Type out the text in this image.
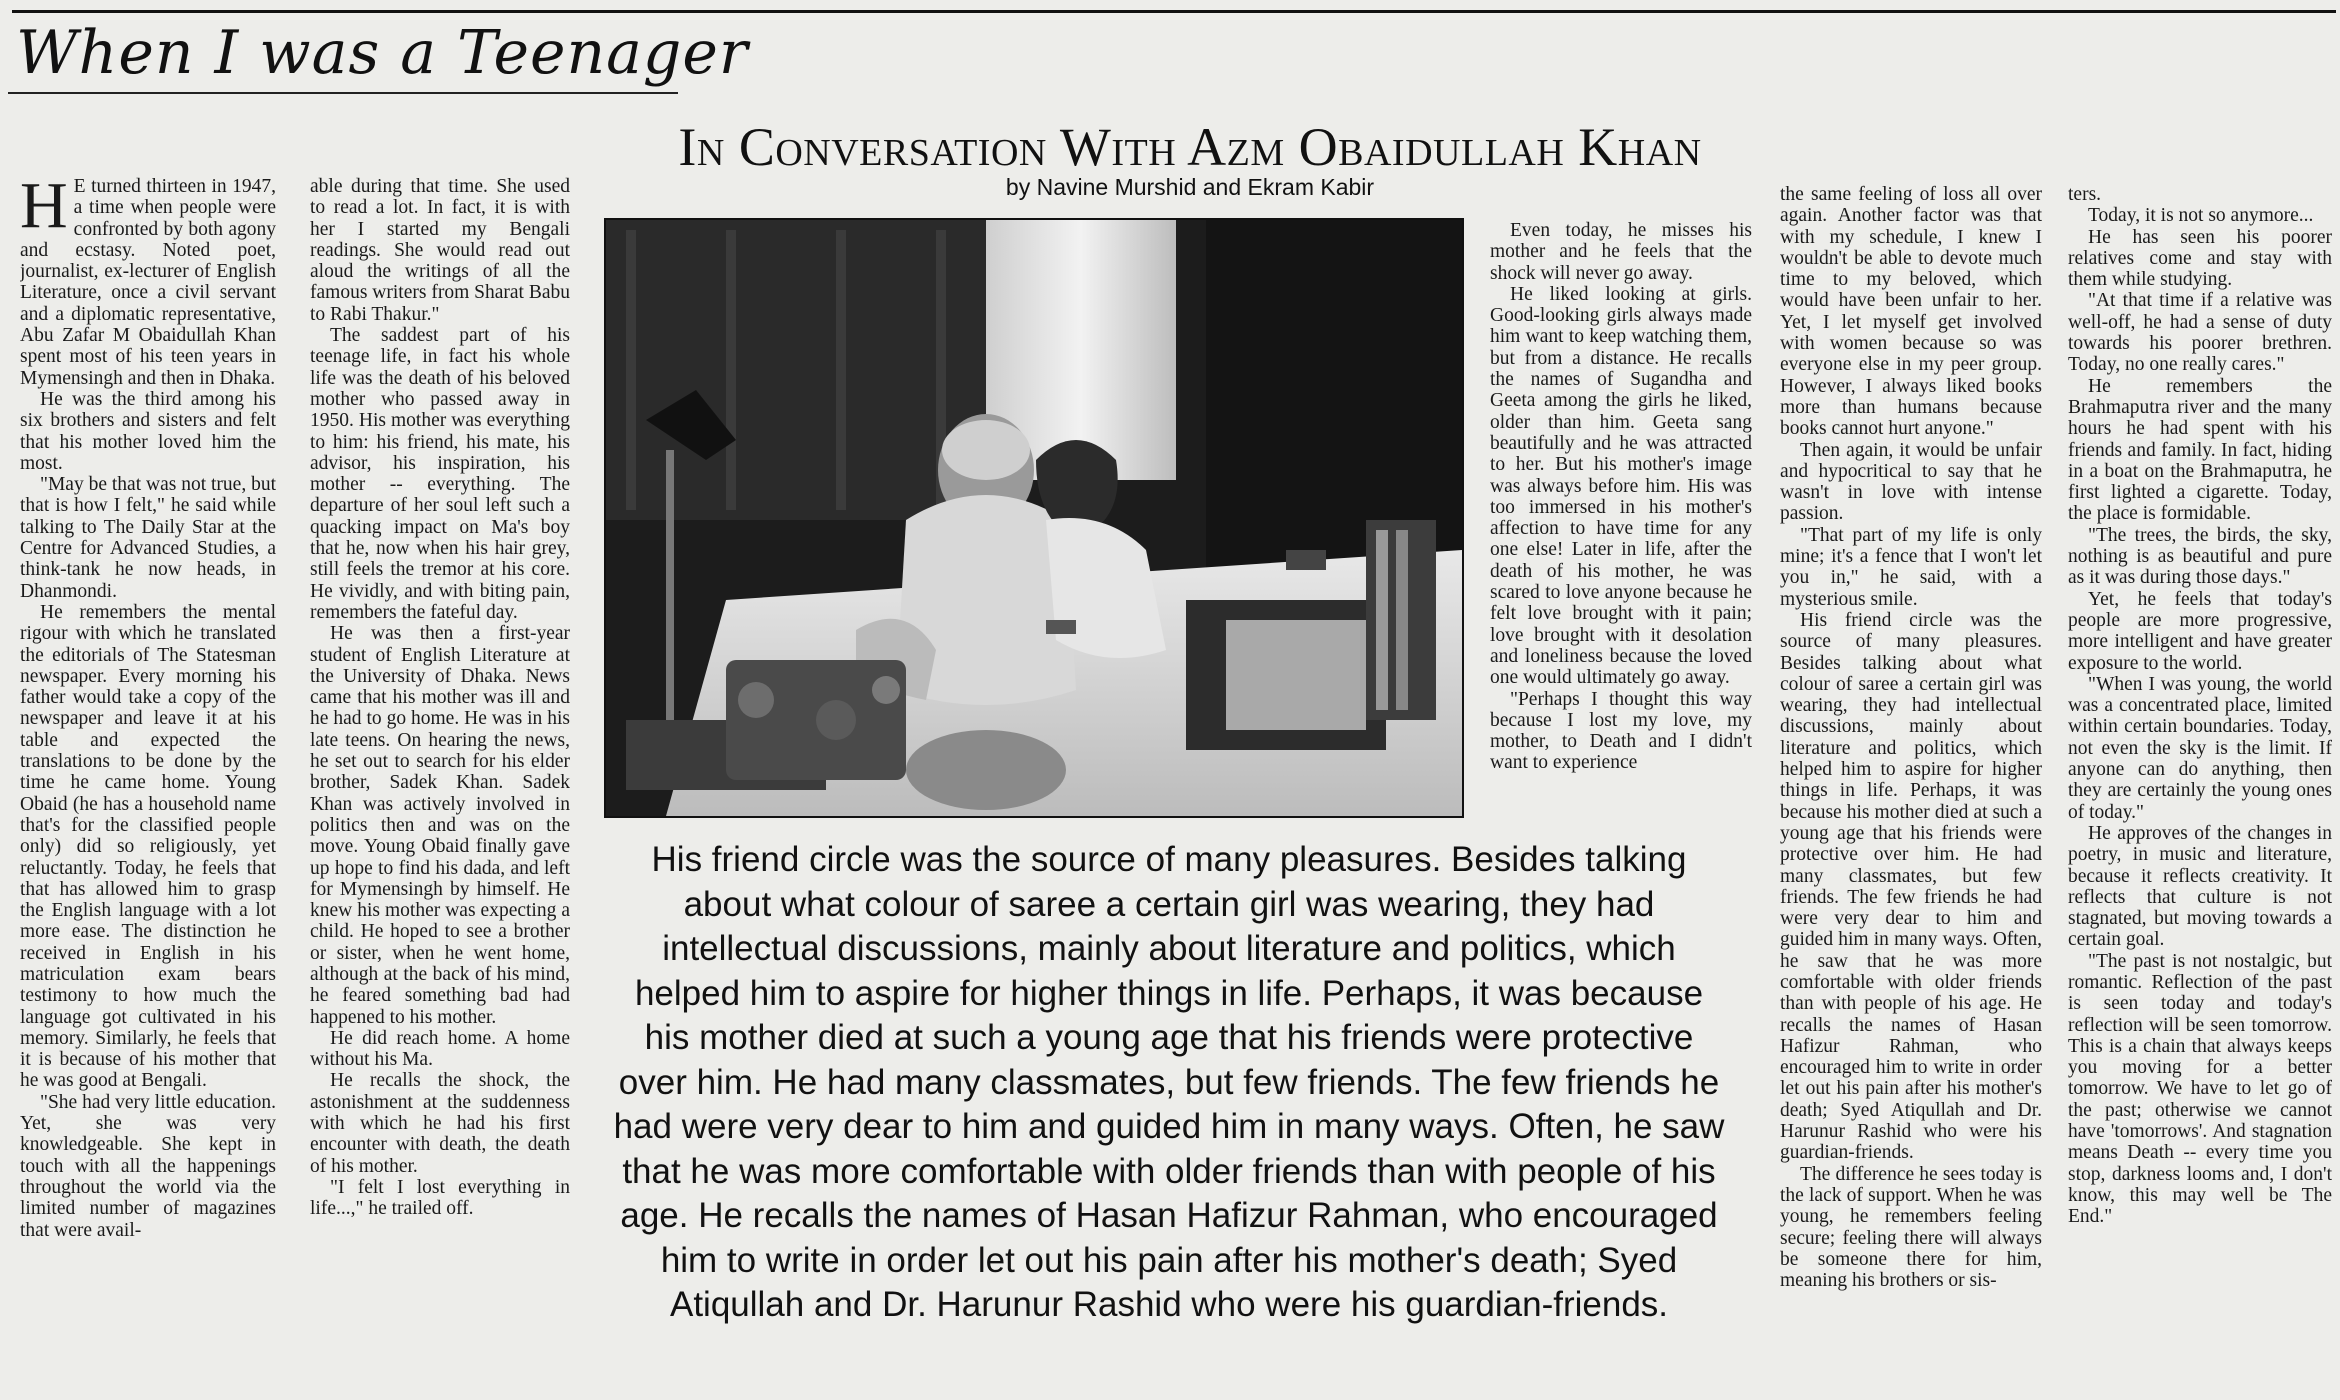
When I was a Teenager
In Conversation With Azm Obaidullah Khan
by Navine Murshid and Ekram Kabir

H E turned thirteen in 1947, a time when people were confronted by both agony and ecstasy. Noted poet, journalist, ex-lecturer of English Literature, once a civil servant and a diplomatic representative, Abu Zafar M Obaidullah Khan spent most of his teen years in Mymensingh and then in Dhaka.

He was the third among his six brothers and sisters and felt that his mother loved him the most.

"May be that was not true, but that is how I felt," he said while talking to The Daily Star at the Centre for Advanced Studies, a think-tank he now heads, in Dhanmondi.

He remembers the mental rigour with which he translated the editorials of The Statesman newspaper. Every morning his father would take a copy of the newspaper and leave it at his table and expected the translations to be done by the time he came home. Young Obaid (he has a household name that's for the classified people only) did so religiously, yet reluctantly. Today, he feels that that has allowed him to grasp the English language with a lot more ease. The distinction he received in English in his matriculation exam bears testimony to how much the language got cultivated in his memory. Similarly, he feels that it is because of his mother that he was good at Bengali.

"She had very little education. Yet, she was very knowledgeable. She kept in touch with all the happenings throughout the world via the limited number of magazines that were avail-

able during that time. She used to read a lot. In fact, it is with her I started my Bengali readings. She would read out aloud the writings of all the famous writers from Sharat Babu to Rabi Thakur."

The saddest part of his teenage life, in fact his whole life was the death of his beloved mother who passed away in 1950. His mother was everything to him: his friend, his mate, his advisor, his inspiration, his mother -- everything. The departure of her soul left such a quacking impact on Ma's boy that he, now when his hair grey, still feels the tremor at his core. He vividly, and with biting pain, remembers the fateful day.

He was then a first-year student of English Literature at the University of Dhaka. News came that his mother was ill and he had to go home. He was in his late teens. On hearing the news, he set out to search for his elder brother, Sadek Khan. Sadek Khan was actively involved in politics then and was on the move. Young Obaid finally gave up hope to find his dada, and left for Mymensingh by himself. He knew his mother was expecting a child. He hoped to see a brother or sister, when he went home, although at the back of his mind, he feared something bad had happened to his mother.

He did reach home. A home without his Ma.

He recalls the shock, the astonishment at the suddenness with which he had his first encounter with death, the death of his mother.

"I felt I lost everything in life...," he trailed off.

Even today, he misses his mother and he feels that the shock will never go away.

He liked looking at girls. Good-looking girls always made him want to keep watching them, but from a distance. He recalls the names of Sugandha and Geeta among the girls he liked, older than him. Geeta sang beautifully and he was attracted to her. But his mother's image was always before him. His was too immersed in his mother's affection to have time for any one else! Later in life, after the death of his mother, he was scared to love anyone because he felt love brought with it pain; love brought with it desolation and loneliness because the loved one would ultimately go away.

"Perhaps I thought this way because I lost my love, my mother, to Death and I didn't want to experience

the same feeling of loss all over again. Another factor was that with my schedule, I knew I wouldn't be able to devote much time to my beloved, which would have been unfair to her. Yet, I let myself get involved with women because so was everyone else in my peer group. However, I always liked books more than humans because books cannot hurt anyone."

Then again, it would be unfair and hypocritical to say that he wasn't in love with intense passion.

"That part of my life is only mine; it's a fence that I won't let you in," he said, with a mysterious smile.

His friend circle was the source of many pleasures. Besides talking about what colour of saree a certain girl was wearing, they had intellectual discussions, mainly about literature and politics, which helped him to aspire for higher things in life. Perhaps, it was because his mother died at such a young age that his friends were protective over him. He had many classmates, but few friends. The few friends he had were very dear to him and guided him in many ways. Often, he saw that he was more comfortable with older friends than with people of his age. He recalls the names of Hasan Hafizur Rahman, who encouraged him to write in order let out his pain after his mother's death; Syed Atiqullah and Dr. Harunur Rashid who were his guardian-friends.

The difference he sees today is the lack of support. When he was young, he remembers feeling secure; feeling there will always be someone there for him, meaning his brothers or sis-

ters.

Today, it is not so anymore...

He has seen his poorer relatives come and stay with them while studying.

"At that time if a relative was well-off, he had a sense of duty towards his poorer brethren. Today, no one really cares."

He remembers the Brahmaputra river and the many hours he had spent with his friends and family. In fact, hiding in a boat on the Brahmaputra, he first lighted a cigarette. Today, the place is formidable.

"The trees, the birds, the sky, nothing is as beautiful and pure as it was during those days."

Yet, he feels that today's people are more progressive, more intelligent and have greater exposure to the world.

"When I was young, the world was a concentrated place, limited within certain boundaries. Today, not even the sky is the limit. If anyone can do anything, then they are certainly the young ones of today."

He approves of the changes in poetry, in music and literature, because it reflects creativity. It reflects that culture is not stagnated, but moving towards a certain goal.

"The past is not nostalgic, but romantic. Reflection of the past is seen today and today's reflection will be seen tomorrow. This is a chain that always keeps you moving for a better tomorrow. We have to let go of the past; otherwise we cannot have 'tomorrows'. And stagnation means Death -- every time you stop, darkness looms and, I don't know, this may well be The End."

His friend circle was the source of many pleasures. Besides talking about what colour of saree a certain girl was wearing, they had intellectual discussions, mainly about literature and politics, which helped him to aspire for higher things in life. Perhaps, it was because his mother died at such a young age that his friends were protective over him. He had many classmates, but few friends. The few friends he had were very dear to him and guided him in many ways. Often, he saw that he was more comfortable with older friends than with people of his age. He recalls the names of Hasan Hafizur Rahman, who encouraged him to write in order let out his pain after his mother's death; Syed Atiqullah and Dr. Harunur Rashid who were his guardian-friends.
